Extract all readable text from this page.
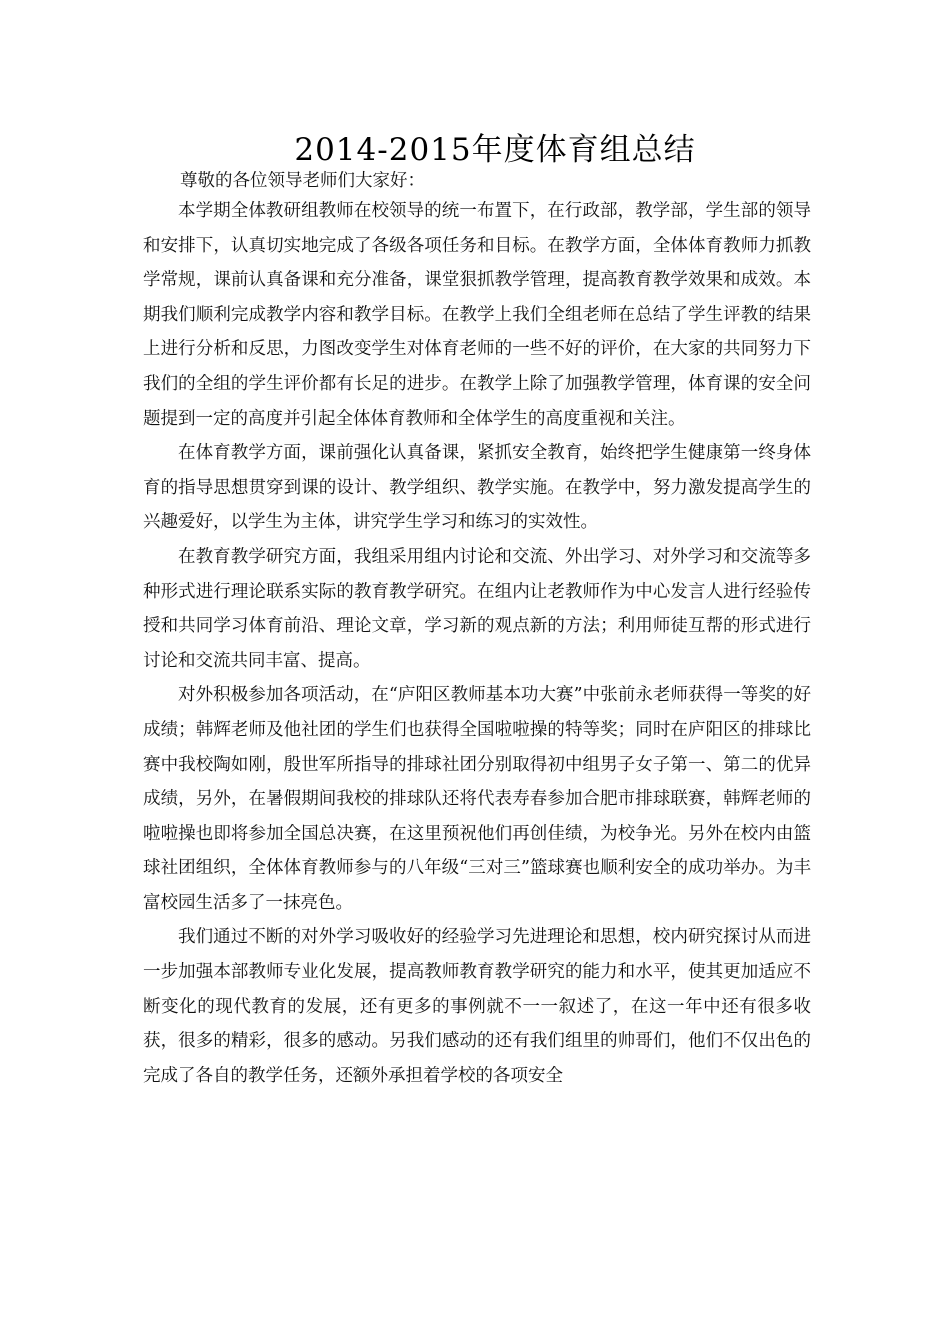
2014-2015年度体育组总结

尊敬的各位领导老师们大家好：

本学期全体教研组教师在校领导的统一布置下，在行政部，教学部，学生部的领导和安排下，认真切实地完成了各级各项任务和目标。在教学方面，全体体育教师力抓教学常规，课前认真备课和充分准备，课堂狠抓教学管理，提高教育教学效果和成效。本期我们顺利完成教学内容和教学目标。在教学上我们全组老师在总结了学生评教的结果上进行分析和反思，力图改变学生对体育老师的一些不好的评价，在大家的共同努力下我们的全组的学生评价都有长足的进步。在教学上除了加强教学管理，体育课的安全问题提到一定的高度并引起全体体育教师和全体学生的高度重视和关注。

在体育教学方面，课前强化认真备课，紧抓安全教育，始终把学生健康第一终身体育的指导思想贯穿到课的设计、教学组织、教学实施。在教学中，努力激发提高学生的兴趣爱好，以学生为主体，讲究学生学习和练习的实效性。

在教育教学研究方面，我组采用组内讨论和交流、外出学习、对外学习和交流等多种形式进行理论联系实际的教育教学研究。在组内让老教师作为中心发言人进行经验传授和共同学习体育前沿、理论文章，学习新的观点新的方法；利用师徒互帮的形式进行讨论和交流共同丰富、提高。

对外积极参加各项活动，在“庐阳区教师基本功大赛”中张前永老师获得一等奖的好成绩；韩辉老师及他社团的学生们也获得全国啦啦操的特等奖；同时在庐阳区的排球比赛中我校陶如刚，殷世军所指导的排球社团分别取得初中组男子女子第一、第二的优异成绩，另外，在暑假期间我校的排球队还将代表寿春参加合肥市排球联赛，韩辉老师的啦啦操也即将参加全国总决赛，在这里预祝他们再创佳绩，为校争光。另外在校内由篮球社团组织，全体体育教师参与的八年级“三对三”篮球赛也顺利安全的成功举办。为丰富校园生活多了一抹亮色。

我们通过不断的对外学习吸收好的经验学习先进理论和思想，校内研究探讨从而进一步加强本部教师专业化发展，提高教师教育教学研究的能力和水平，使其更加适应不断变化的现代教育的发展，还有更多的事例就不一一叙述了，在这一年中还有很多收获，很多的精彩，很多的感动。另我们感动的还有我们组里的帅哥们，他们不仅出色的完成了各自的教学任务，还额外承担着学校的各项安全
